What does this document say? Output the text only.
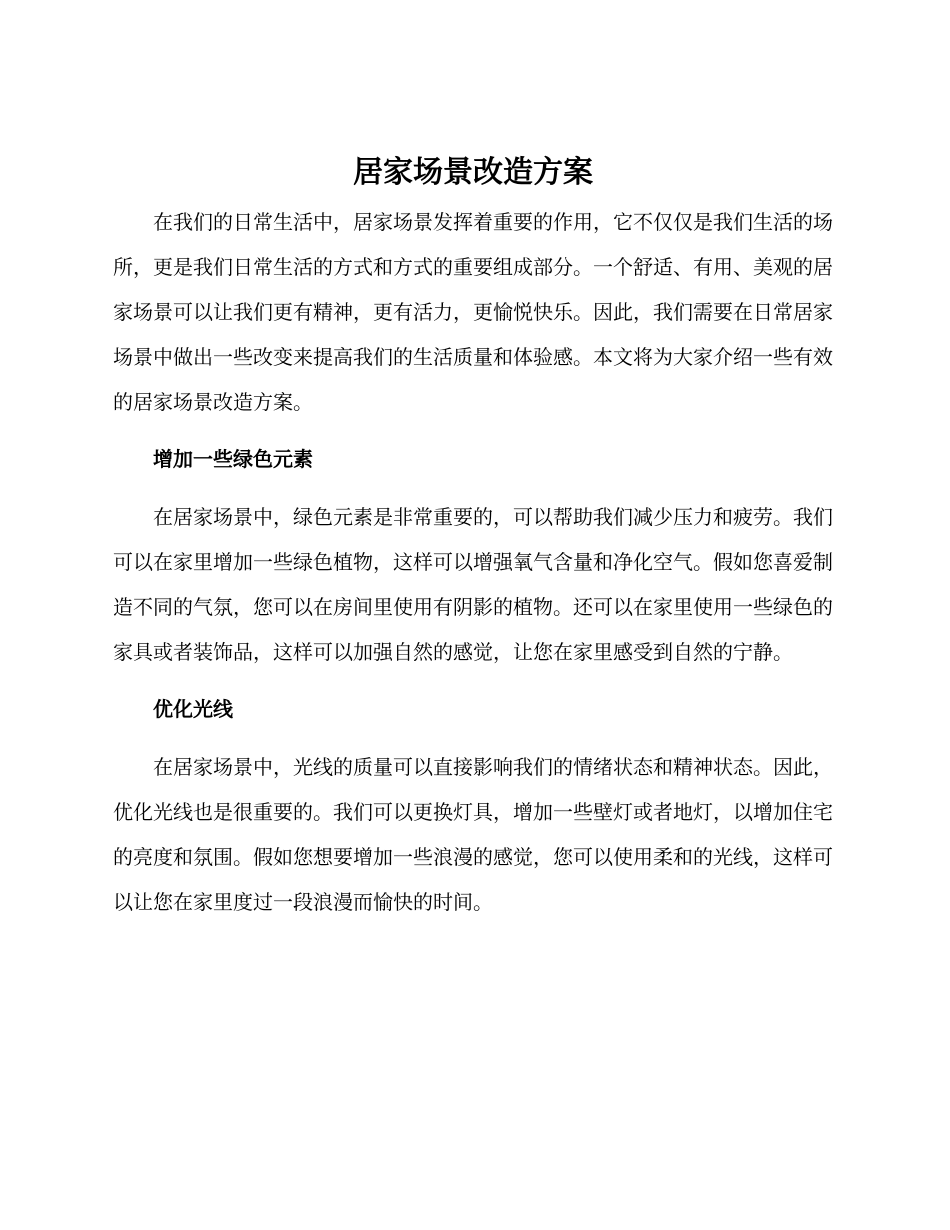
居家场景改造方案

在我们的日常生活中，居家场景发挥着重要的作用，它不仅仅是我们生活的场所，更是我们日常生活的方式和方式的重要组成部分。一个舒适、有用、美观的居家场景可以让我们更有精神，更有活力，更愉悦快乐。因此，我们需要在日常居家场景中做出一些改变来提高我们的生活质量和体验感。本文将为大家介绍一些有效的居家场景改造方案。

增加一些绿色元素

在居家场景中，绿色元素是非常重要的，可以帮助我们减少压力和疲劳。我们可以在家里增加一些绿色植物，这样可以增强氧气含量和净化空气。假如您喜爱制造不同的气氛，您可以在房间里使用有阴影的植物。还可以在家里使用一些绿色的家具或者装饰品，这样可以加强自然的感觉，让您在家里感受到自然的宁静。

优化光线

在居家场景中，光线的质量可以直接影响我们的情绪状态和精神状态。因此，优化光线也是很重要的。我们可以更换灯具，增加一些壁灯或者地灯，以增加住宅的亮度和氛围。假如您想要增加一些浪漫的感觉，您可以使用柔和的光线，这样可以让您在家里度过一段浪漫而愉快的时间。
